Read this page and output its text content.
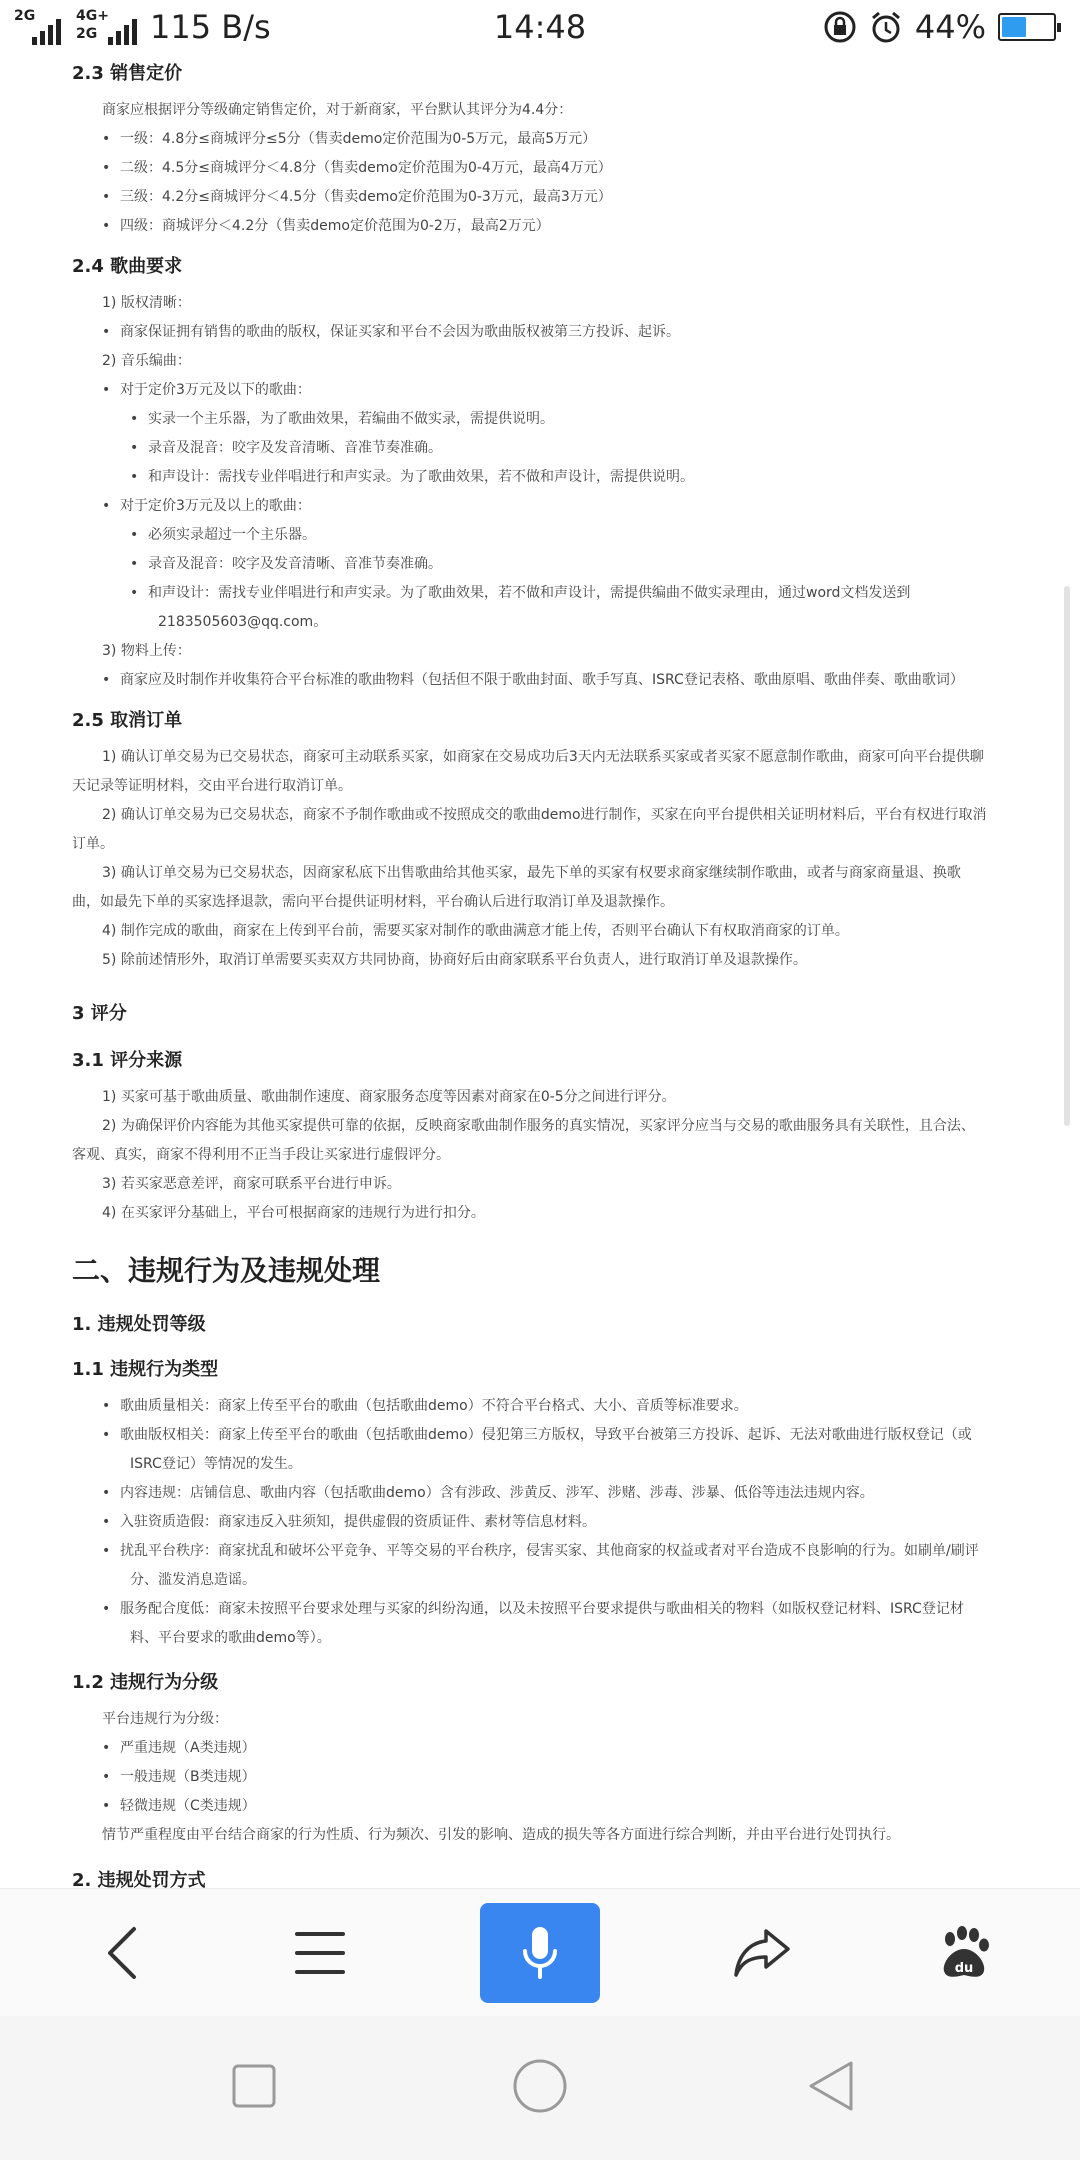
2G	4G+
2G 115 B/s	14:48	44%
2.3 销售定价
商家应根据评分等级确定销售定价，对于新商家，平台默认其评分为4.4分：
• 一级：4.8分≤商城评分≤5分（售卖demo定价范围为0-5万元，最高5万元）
• 二级：4.5分≤商城评分＜4.8分（售卖demo定价范围为0-4万元，最高4万元）
• 三级：4.2分≤商城评分＜4.5分（售卖demo定价范围为0-3万元，最高3万元）
• 四级：商城评分＜4.2分（售卖demo定价范围为0-2万，最高2万元）
2.4 歌曲要求
1) 版权清晰：
• 商家保证拥有销售的歌曲的版权，保证买家和平台不会因为歌曲版权被第三方投诉、起诉。
2) 音乐编曲：
• 对于定价3万元及以下的歌曲：
• 实录一个主乐器，为了歌曲效果，若编曲不做实录，需提供说明。
• 录音及混音：咬字及发音清晰、音准节奏准确。
• 和声设计：需找专业伴唱进行和声实录。为了歌曲效果，若不做和声设计，需提供说明。
• 对于定价3万元及以上的歌曲：
• 必须实录超过一个主乐器。
• 录音及混音：咬字及发音清晰、音准节奏准确。
• 和声设计：需找专业伴唱进行和声实录。为了歌曲效果，若不做和声设计，需提供编曲不做实录理由，通过word文档发送到
2183505603@qq.com。
3) 物料上传：
• 商家应及时制作并收集符合平台标准的歌曲物料（包括但不限于歌曲封面、歌手写真、ISRC登记表格、歌曲原唱、歌曲伴奏、歌曲歌词）
2.5 取消订单
1) 确认订单交易为已交易状态，商家可主动联系买家，如商家在交易成功后3天内无法联系买家或者买家不愿意制作歌曲，商家可向平台提供聊
天记录等证明材料，交由平台进行取消订单。
2) 确认订单交易为已交易状态，商家不予制作歌曲或不按照成交的歌曲demo进行制作，买家在向平台提供相关证明材料后，平台有权进行取消
订单。
3) 确认订单交易为已交易状态，因商家私底下出售歌曲给其他买家，最先下单的买家有权要求商家继续制作歌曲，或者与商家商量退、换歌
曲，如最先下单的买家选择退款，需向平台提供证明材料，平台确认后进行取消订单及退款操作。
4) 制作完成的歌曲，商家在上传到平台前，需要买家对制作的歌曲满意才能上传，否则平台确认下有权取消商家的订单。
5) 除前述情形外，取消订单需要买卖双方共同协商，协商好后由商家联系平台负责人，进行取消订单及退款操作。
3 评分
3.1 评分来源
1) 买家可基于歌曲质量、歌曲制作速度、商家服务态度等因素对商家在0-5分之间进行评分。
2) 为确保评价内容能为其他买家提供可靠的依据，反映商家歌曲制作服务的真实情况，买家评分应当与交易的歌曲服务具有关联性，且合法、
客观、真实，商家不得利用不正当手段让买家进行虚假评分。
3) 若买家恶意差评，商家可联系平台进行申诉。
4) 在买家评分基础上，平台可根据商家的违规行为进行扣分。
二、违规行为及违规处理
1. 违规处罚等级
1.1 违规行为类型
• 歌曲质量相关：商家上传至平台的歌曲（包括歌曲demo）不符合平台格式、大小、音质等标准要求。
• 歌曲版权相关：商家上传至平台的歌曲（包括歌曲demo）侵犯第三方版权，导致平台被第三方投诉、起诉、无法对歌曲进行版权登记（或
ISRC登记）等情况的发生。
• 内容违规：店铺信息、歌曲内容（包括歌曲demo）含有涉政、涉黄反、涉军、涉赌、涉毒、涉暴、低俗等违法违规内容。
• 入驻资质造假：商家违反入驻须知，提供虚假的资质证件、素材等信息材料。
• 扰乱平台秩序：商家扰乱和破坏公平竞争、平等交易的平台秩序，侵害买家、其他商家的权益或者对平台造成不良影响的行为。如刷单/刷评
分、滥发消息造谣。
• 服务配合度低：商家未按照平台要求处理与买家的纠纷沟通，以及未按照平台要求提供与歌曲相关的物料（如版权登记材料、ISRC登记材
料、平台要求的歌曲demo等）。
1.2 违规行为分级
平台违规行为分级：
• 严重违规（A类违规）
• 一般违规（B类违规）
• 轻微违规（C类违规）
情节严重程度由平台结合商家的行为性质、行为频次、引发的影响、造成的损失等各方面进行综合判断，并由平台进行处罚执行。
2. 违规处罚方式
du
